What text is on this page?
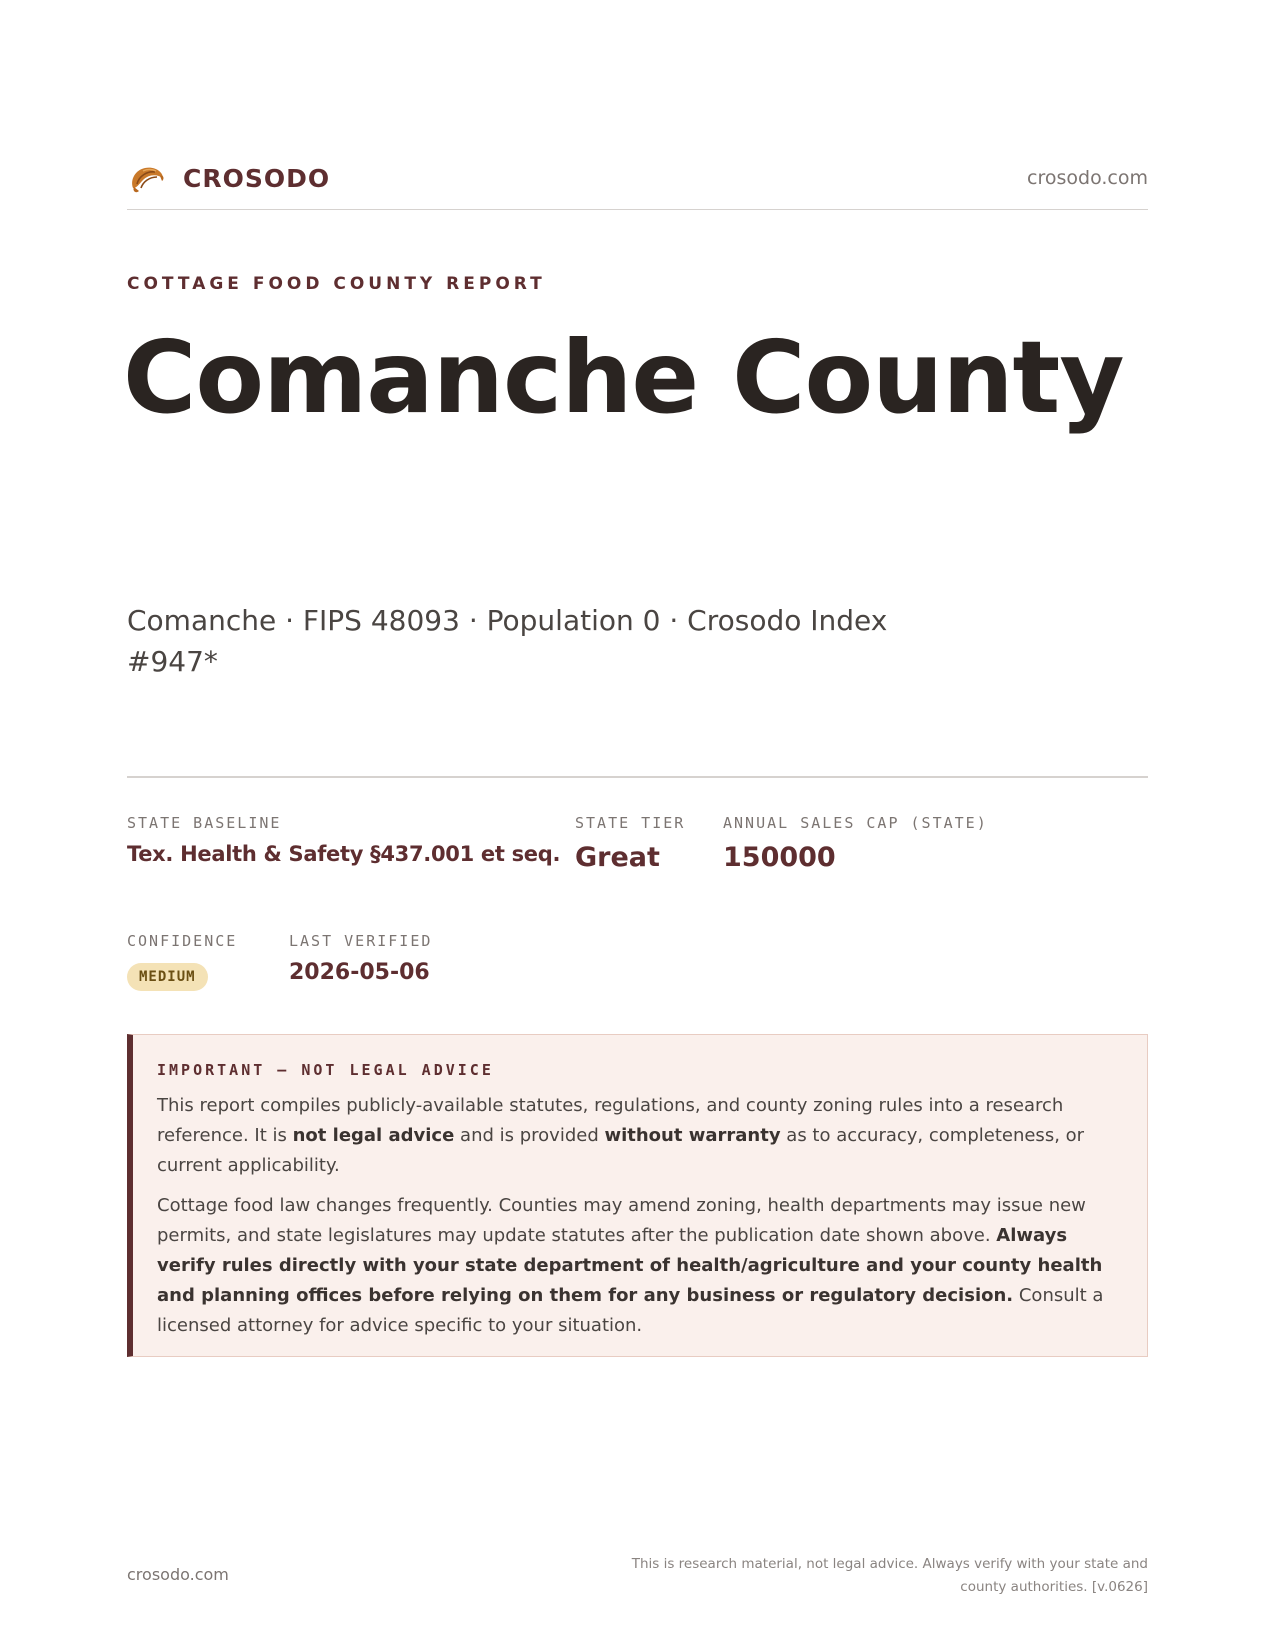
CROSODO	crosodo.com
COTTAGE FOOD COUNTY REPORT
Comanche County
Comanche · FIPS 48093 · Population 0 · Crosodo Index #947*
STATE BASELINE
Tex. Health & Safety §437.001 et seq.
STATE TIER
Great
ANNUAL SALES CAP (STATE)
150000
CONFIDENCE
MEDIUM
LAST VERIFIED
2026-05-06
IMPORTANT — NOT LEGAL ADVICE

This report compiles publicly-available statutes, regulations, and county zoning rules into a research reference. It is not legal advice and is provided without warranty as to accuracy, completeness, or current applicability.

Cottage food law changes frequently. Counties may amend zoning, health departments may issue new permits, and state legislatures may update statutes after the publication date shown above. Always verify rules directly with your state department of health/agriculture and your county health and planning offices before relying on them for any business or regulatory decision. Consult a licensed attorney for advice specific to your situation.

crosodo.com
This is research material, not legal advice. Always verify with your state and county authorities. [v.0626]
